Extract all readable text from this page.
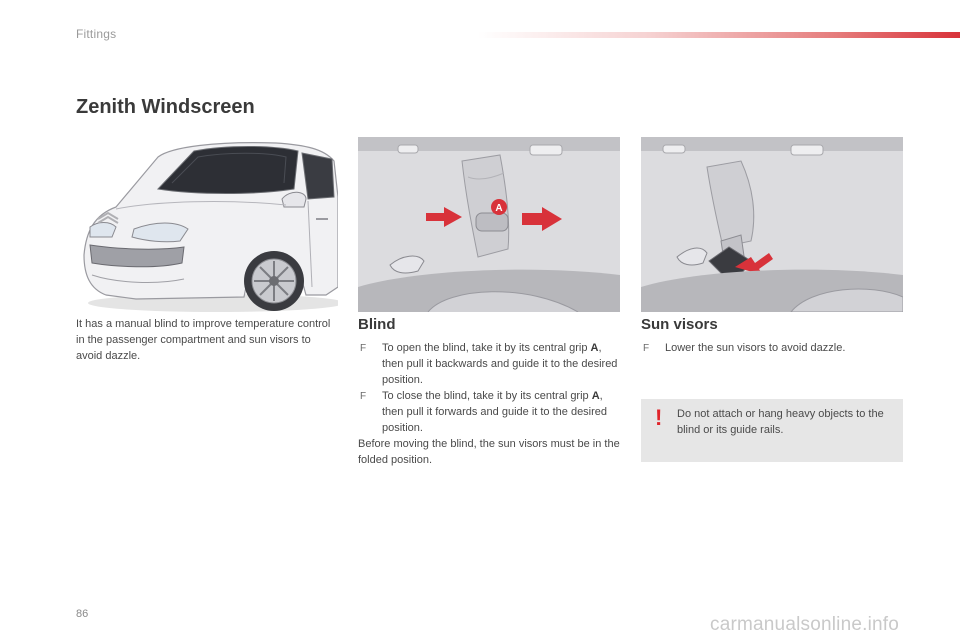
Fittings
Zenith Windscreen
A

It has a manual blind to improve temperature control in the passenger compartment and sun visors to avoid dazzle.

Blind
F To open the blind, take it by its central grip A, then pull it backwards and guide it to the desired position.
F To close the blind, take it by its central grip A, then pull it forwards and guide it to the desired position.

Before moving the blind, the sun visors must be in the folded position.

Sun visors
F Lower the sun visors to avoid dazzle.
! Do not attach or hang heavy objects to the blind or its guide rails.

86	carmanualsonline.info
